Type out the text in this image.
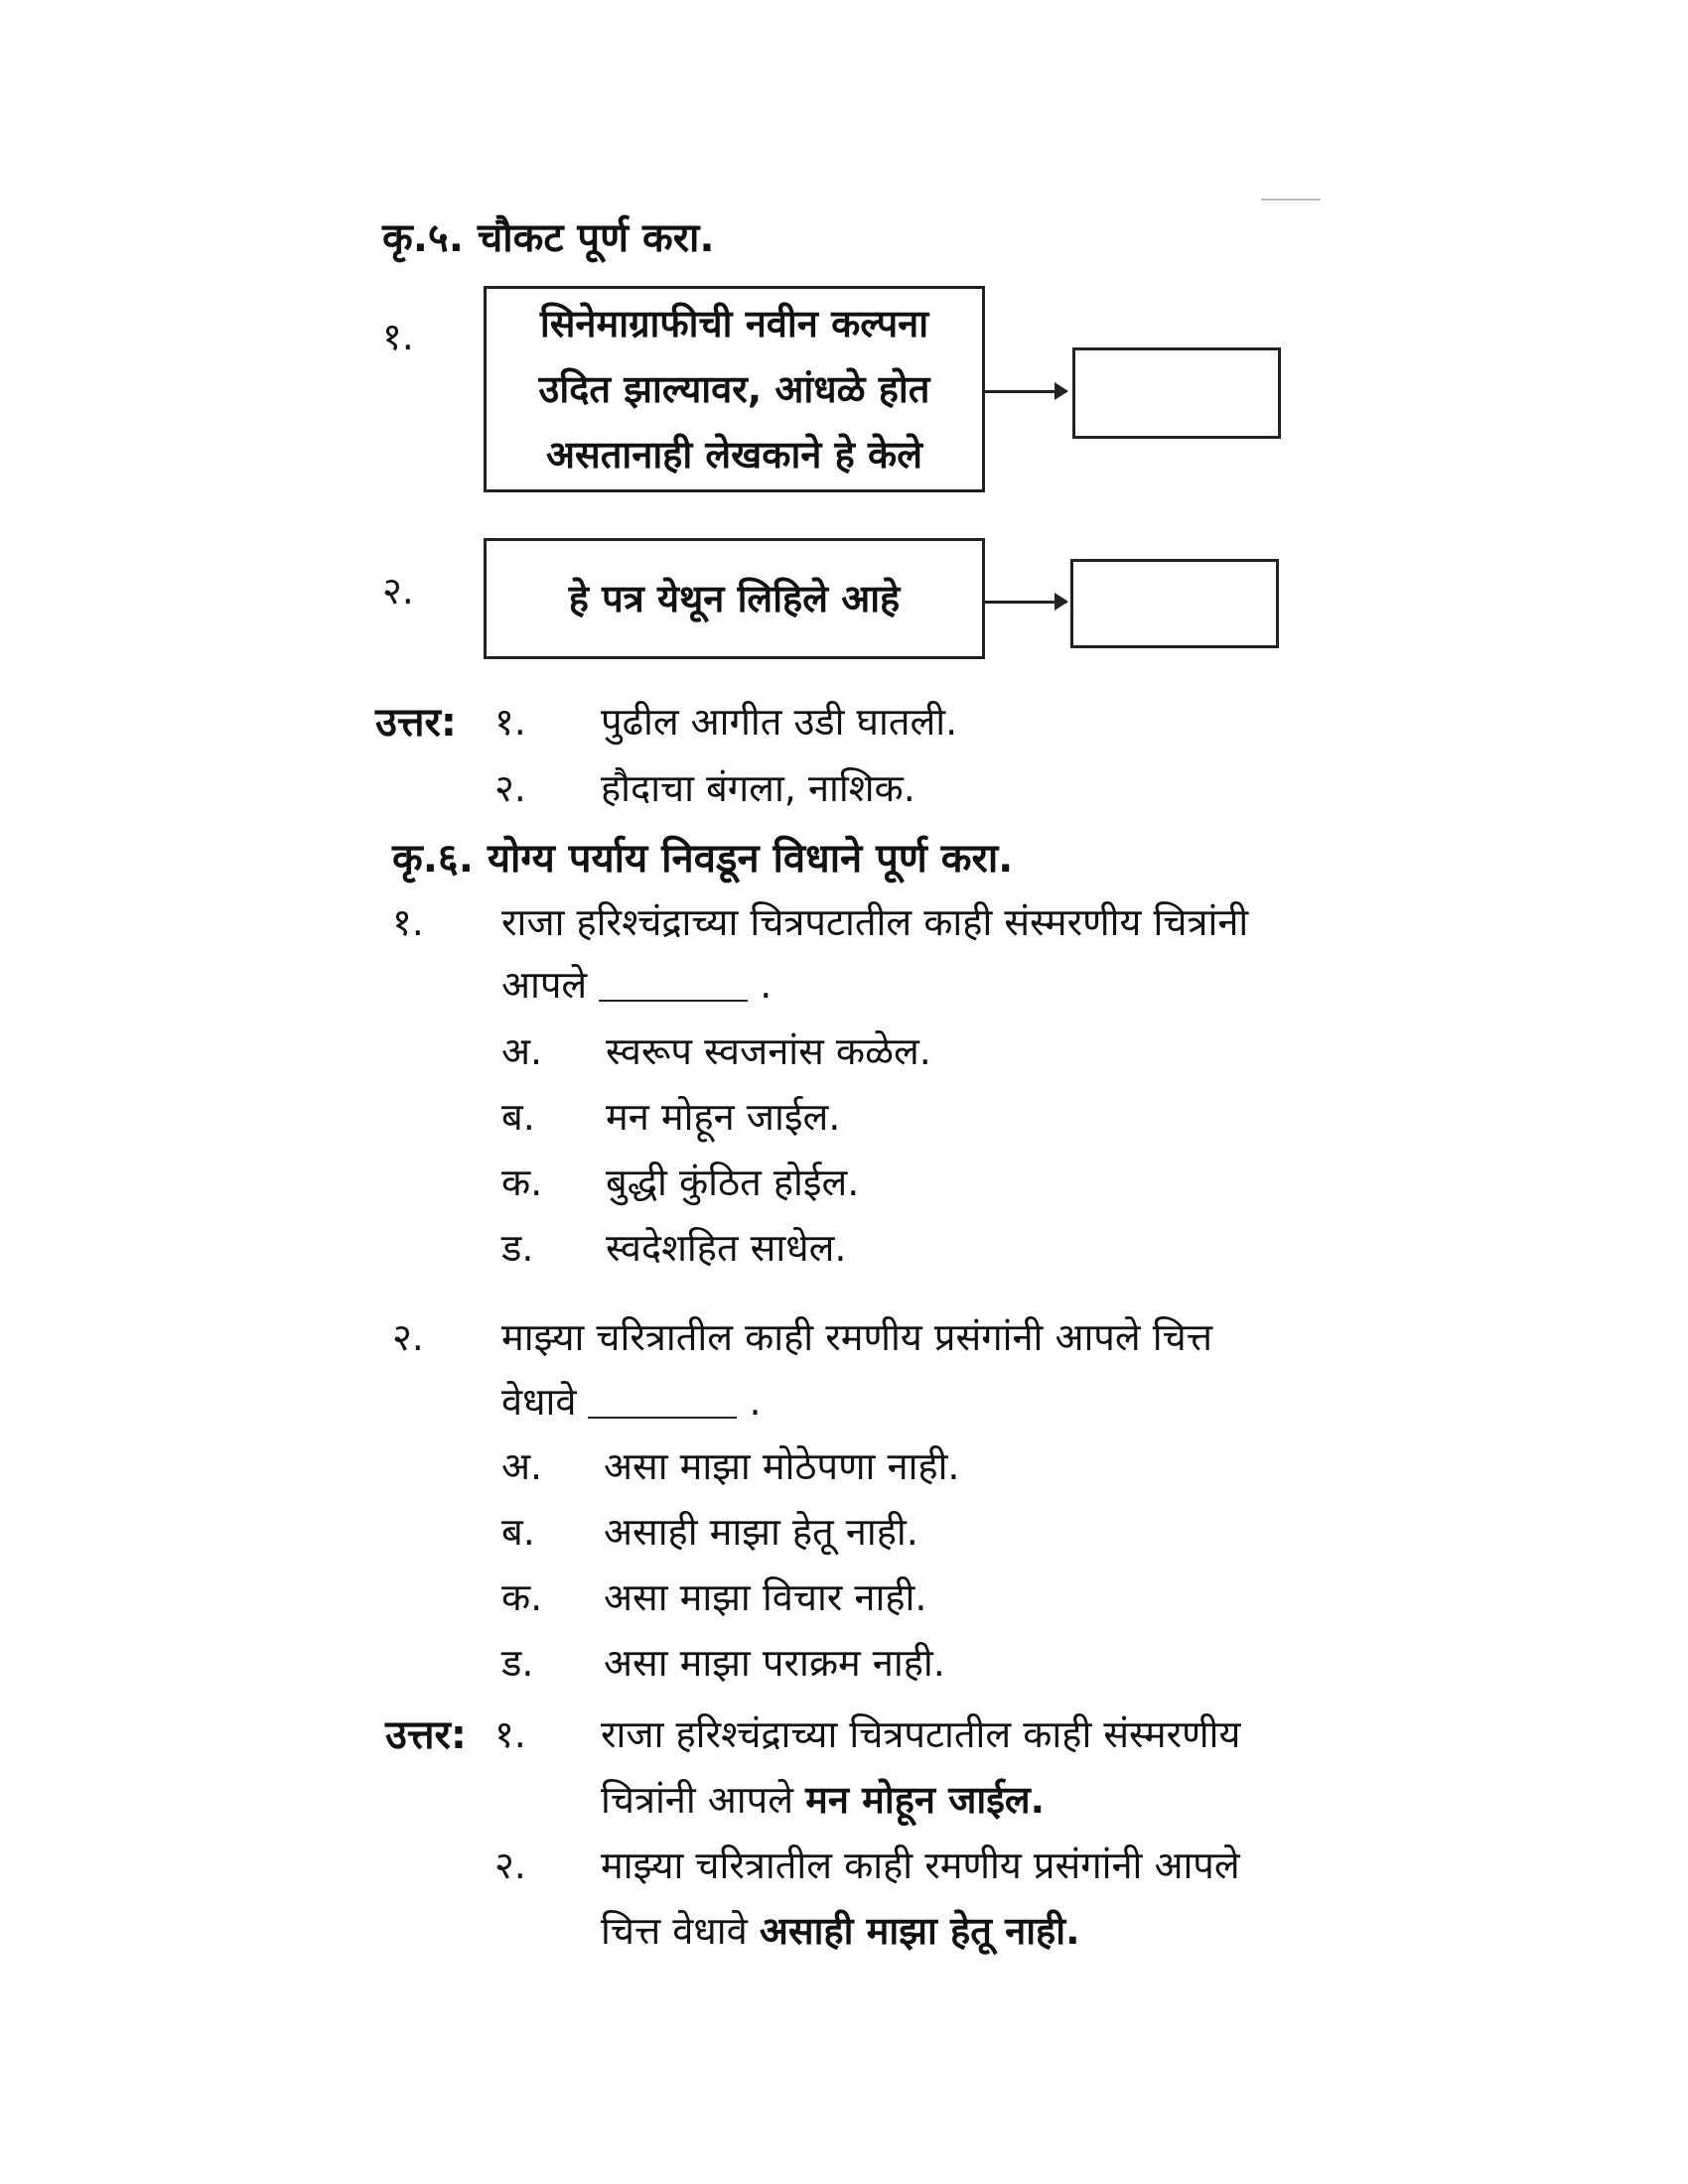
कृ.५. चौकट पूर्ण करा.
१.	सिनेमाग्राफीची नवीन कल्पना
उदित झाल्यावर, आंधळे होत
असतानाही लेखकाने हे केले
२.	हे पत्र येथून लिहिले आहे
उत्तर: १. पुढील आगीत उडी घातली.
२. हौदाचा बंगला, नाशिक.
कृ.६. योग्य पर्याय निवडून विधाने पूर्ण करा.
१. राजा हरिश्चंद्राच्या चित्रपटातील काही संस्मरणीय चित्रांनी
आपले	.
अ. स्वरूप स्वजनांस कळेल.
ब. मन मोहून जाईल.
क. बुद्धी कुंठित होईल.
ड. स्वदेशहित साधेल.
२. माझ्या चरित्रातील काही रमणीय प्रसंगांनी आपले चित्त
वेधावे	.
अ. असा माझा मोठेपणा नाही.
ब. असाही माझा हेतू नाही.
क. असा माझा विचार नाही.
ड. असा माझा पराक्रम नाही.
उत्तर: १. राजा हरिश्चंद्राच्या चित्रपटातील काही संस्मरणीय
चित्रांनी आपले मन मोहून जाईल.
२. माझ्या चरित्रातील काही रमणीय प्रसंगांनी आपले
चित्त वेधावे असाही माझा हेतू नाही.
